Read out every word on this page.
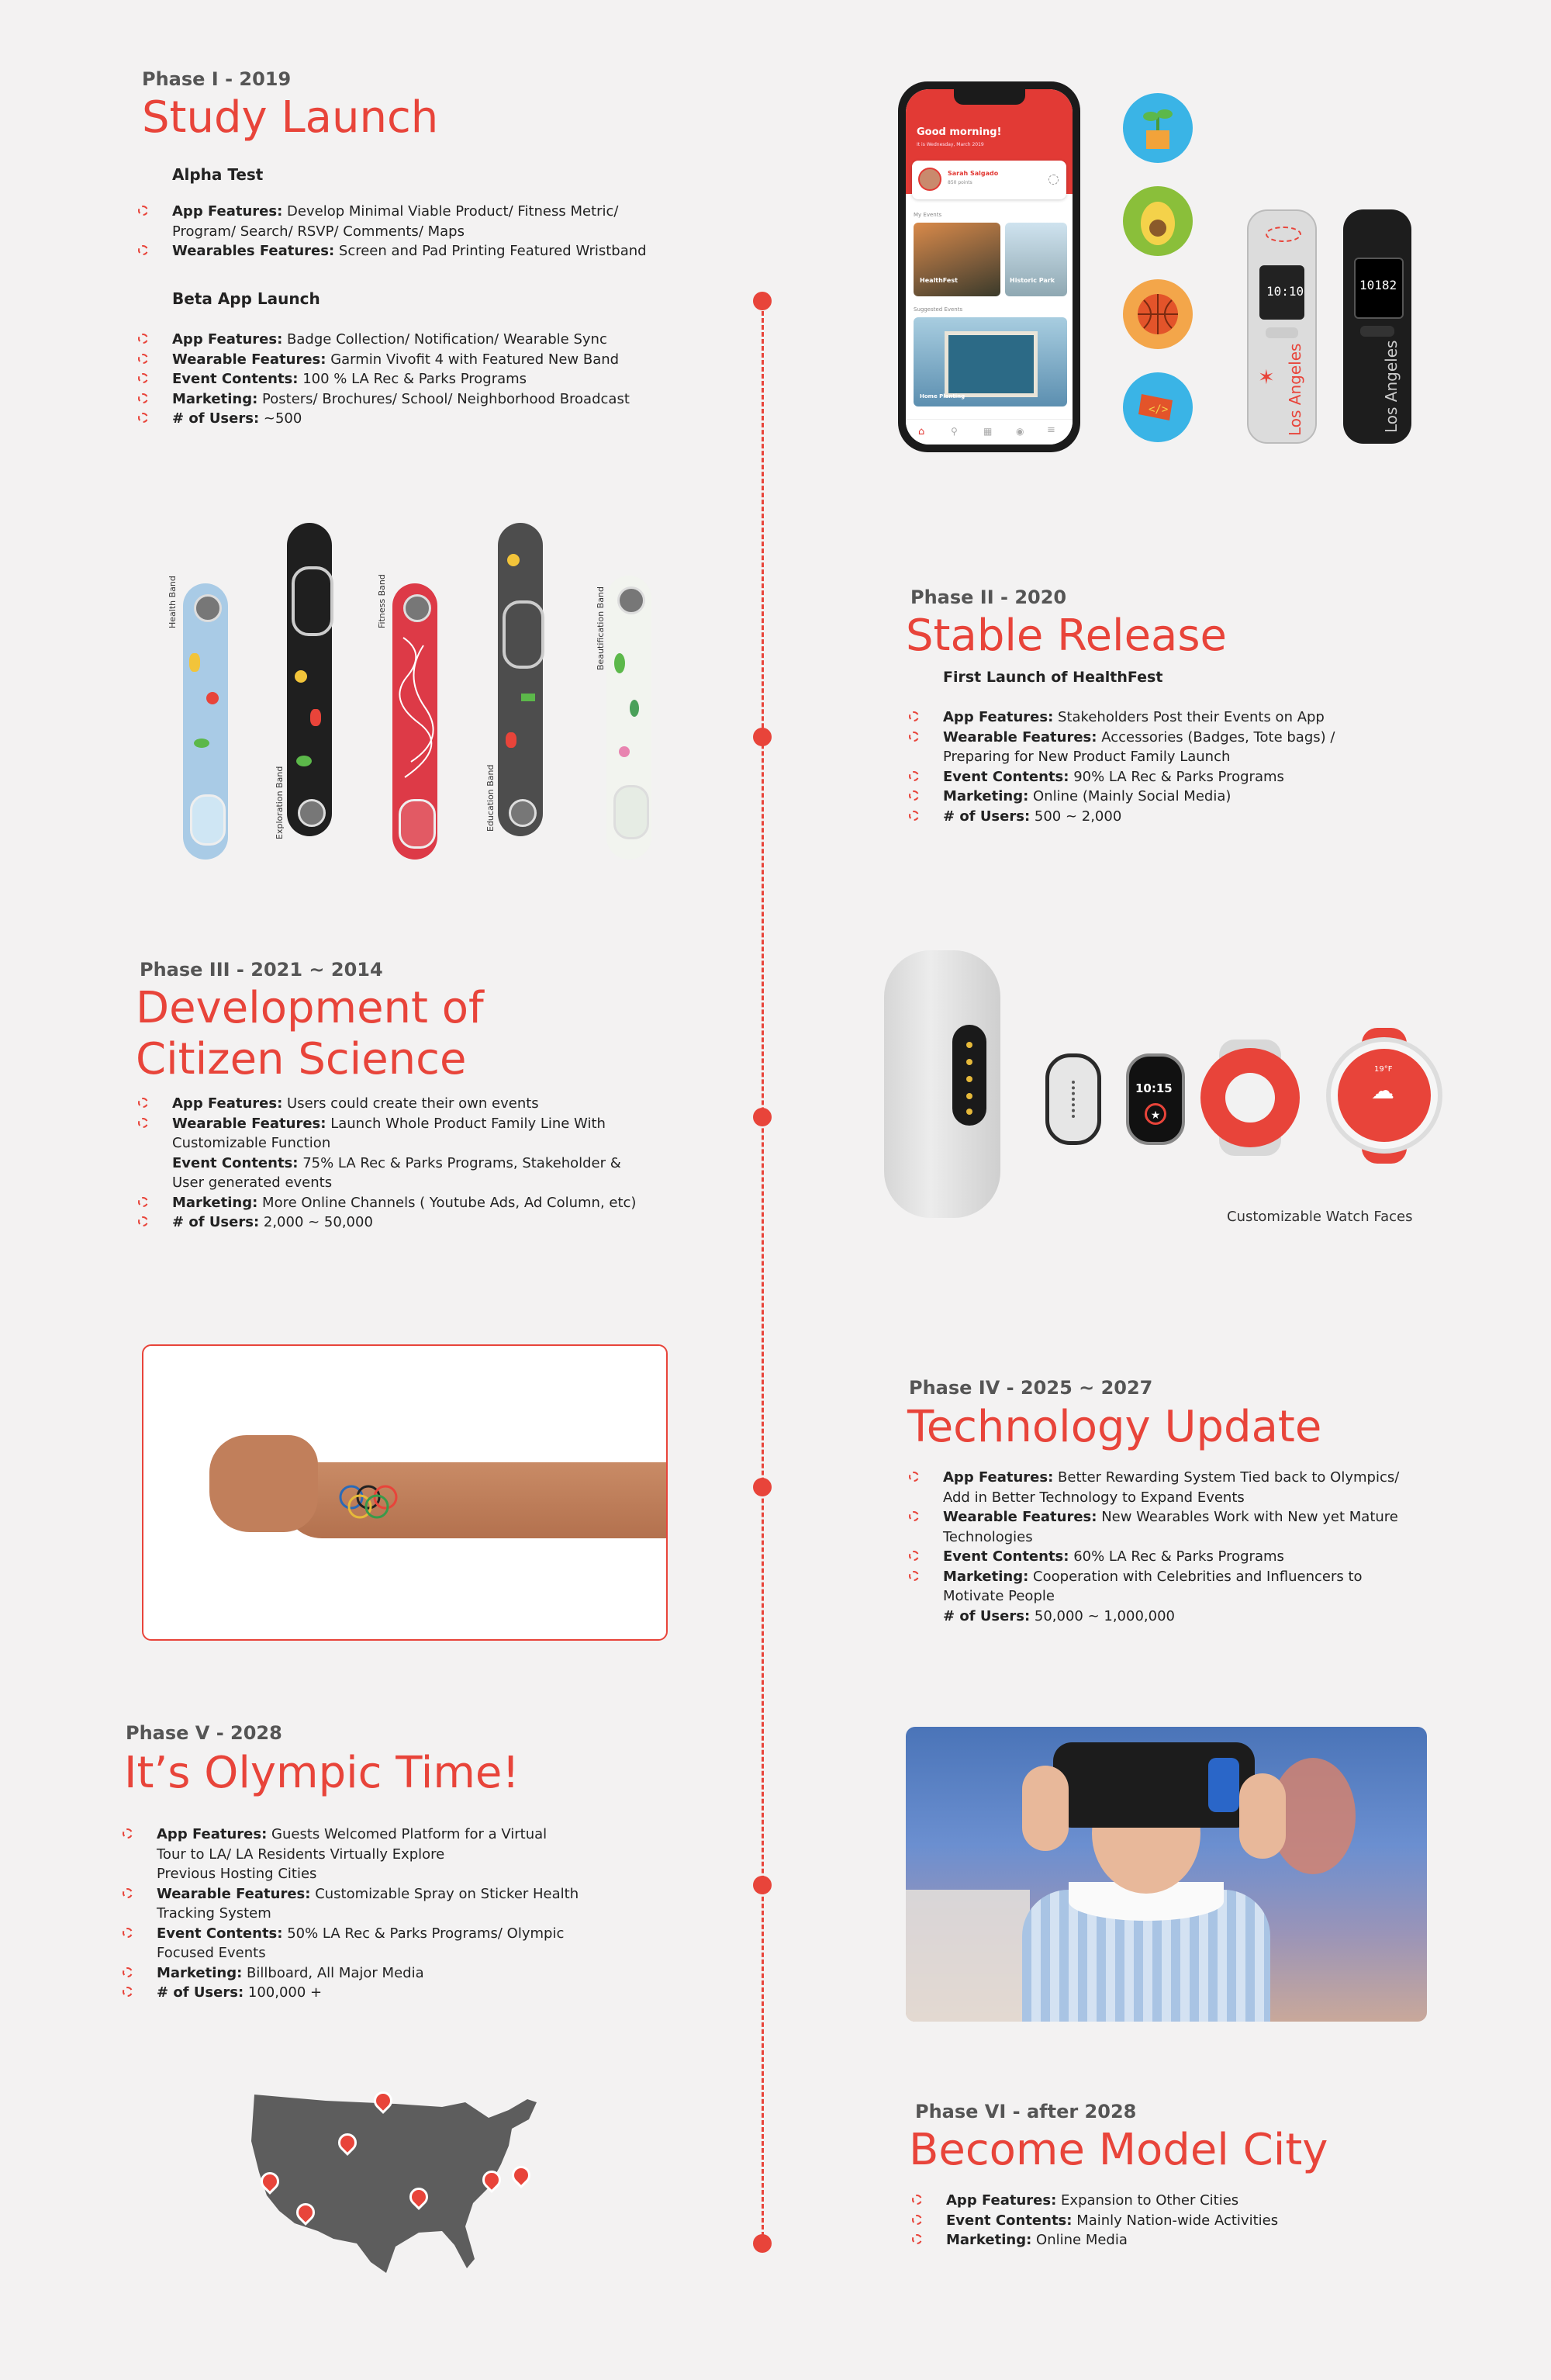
Phase I - 2019
Study Launch
Alpha Test
App Features: Develop Minimal Viable Product/ Fitness Metric/
Program/ Search/ RSVP/ Comments/ Maps
Wearables Features: Screen and Pad Printing Featured Wristband
Beta App Launch
App Features: Badge Collection/ Notification/ Wearable Sync
Wearable Features: Garmin Vivofit 4 with Featured New Band
Event Contents: 100 % LA Rec & Parks Programs
Marketing: Posters/ Brochures/ School/ Neighborhood Broadcast
# of Users: ~500
Good morning!
It is Wednesday, March 2019
Sarah Salgado
850 points
My Events
HealthFest	Historic Park
Suggested Events
Home Planting
⌂	⚲	▦	◉ ≡
</>
10:10
✶ Los Angeles
10182
Los Angeles
Phase II - 2020
Stable Release
First Launch of HealthFest
App Features: Stakeholders Post their Events on App
Wearable Features: Accessories (Badges, Tote bags) /
Preparing for New Product Family Launch
Event Contents: 90% LA Rec & Parks Programs
Marketing: Online (Mainly Social Media)
# of Users: 500 ~ 2,000
Health Band
Exploration Band
Fitness Band
Education Band
Beautification Band
Phase III - 2021 ~ 2014
Development of
Citizen Science
App Features: Users could create their own events
Wearable Features: Launch Whole Product Family Line With
Customizable Function
Event Contents: 75% LA Rec & Parks Programs, Stakeholder &
User generated events
Marketing: More Online Channels ( Youtube Ads, Ad Column, etc)
# of Users: 2,000 ~ 50,000
10:15
★
☁
19°F
Customizable Watch Faces
Phase IV - 2025 ~ 2027
Technology Update
App Features: Better Rewarding System Tied back to Olympics/
Add in Better Technology to Expand Events
Wearable Features: New Wearables Work with New yet Mature
Technologies
Event Contents: 60% LA Rec & Parks Programs
Marketing: Cooperation with Celebrities and Influencers to
Motivate People
# of Users: 50,000 ~ 1,000,000
Phase V - 2028
It’s Olympic Time!
App Features: Guests Welcomed Platform for a Virtual
Tour to LA/ LA Residents Virtually Explore
Previous Hosting Cities
Wearable Features: Customizable Spray on Sticker Health
Tracking System
Event Contents: 50% LA Rec & Parks Programs/ Olympic
Focused Events
Marketing: Billboard, All Major Media
# of Users: 100,000 +
Phase VI - after 2028
Become Model City
App Features: Expansion to Other Cities
Event Contents: Mainly Nation-wide Activities
Marketing: Online Media
